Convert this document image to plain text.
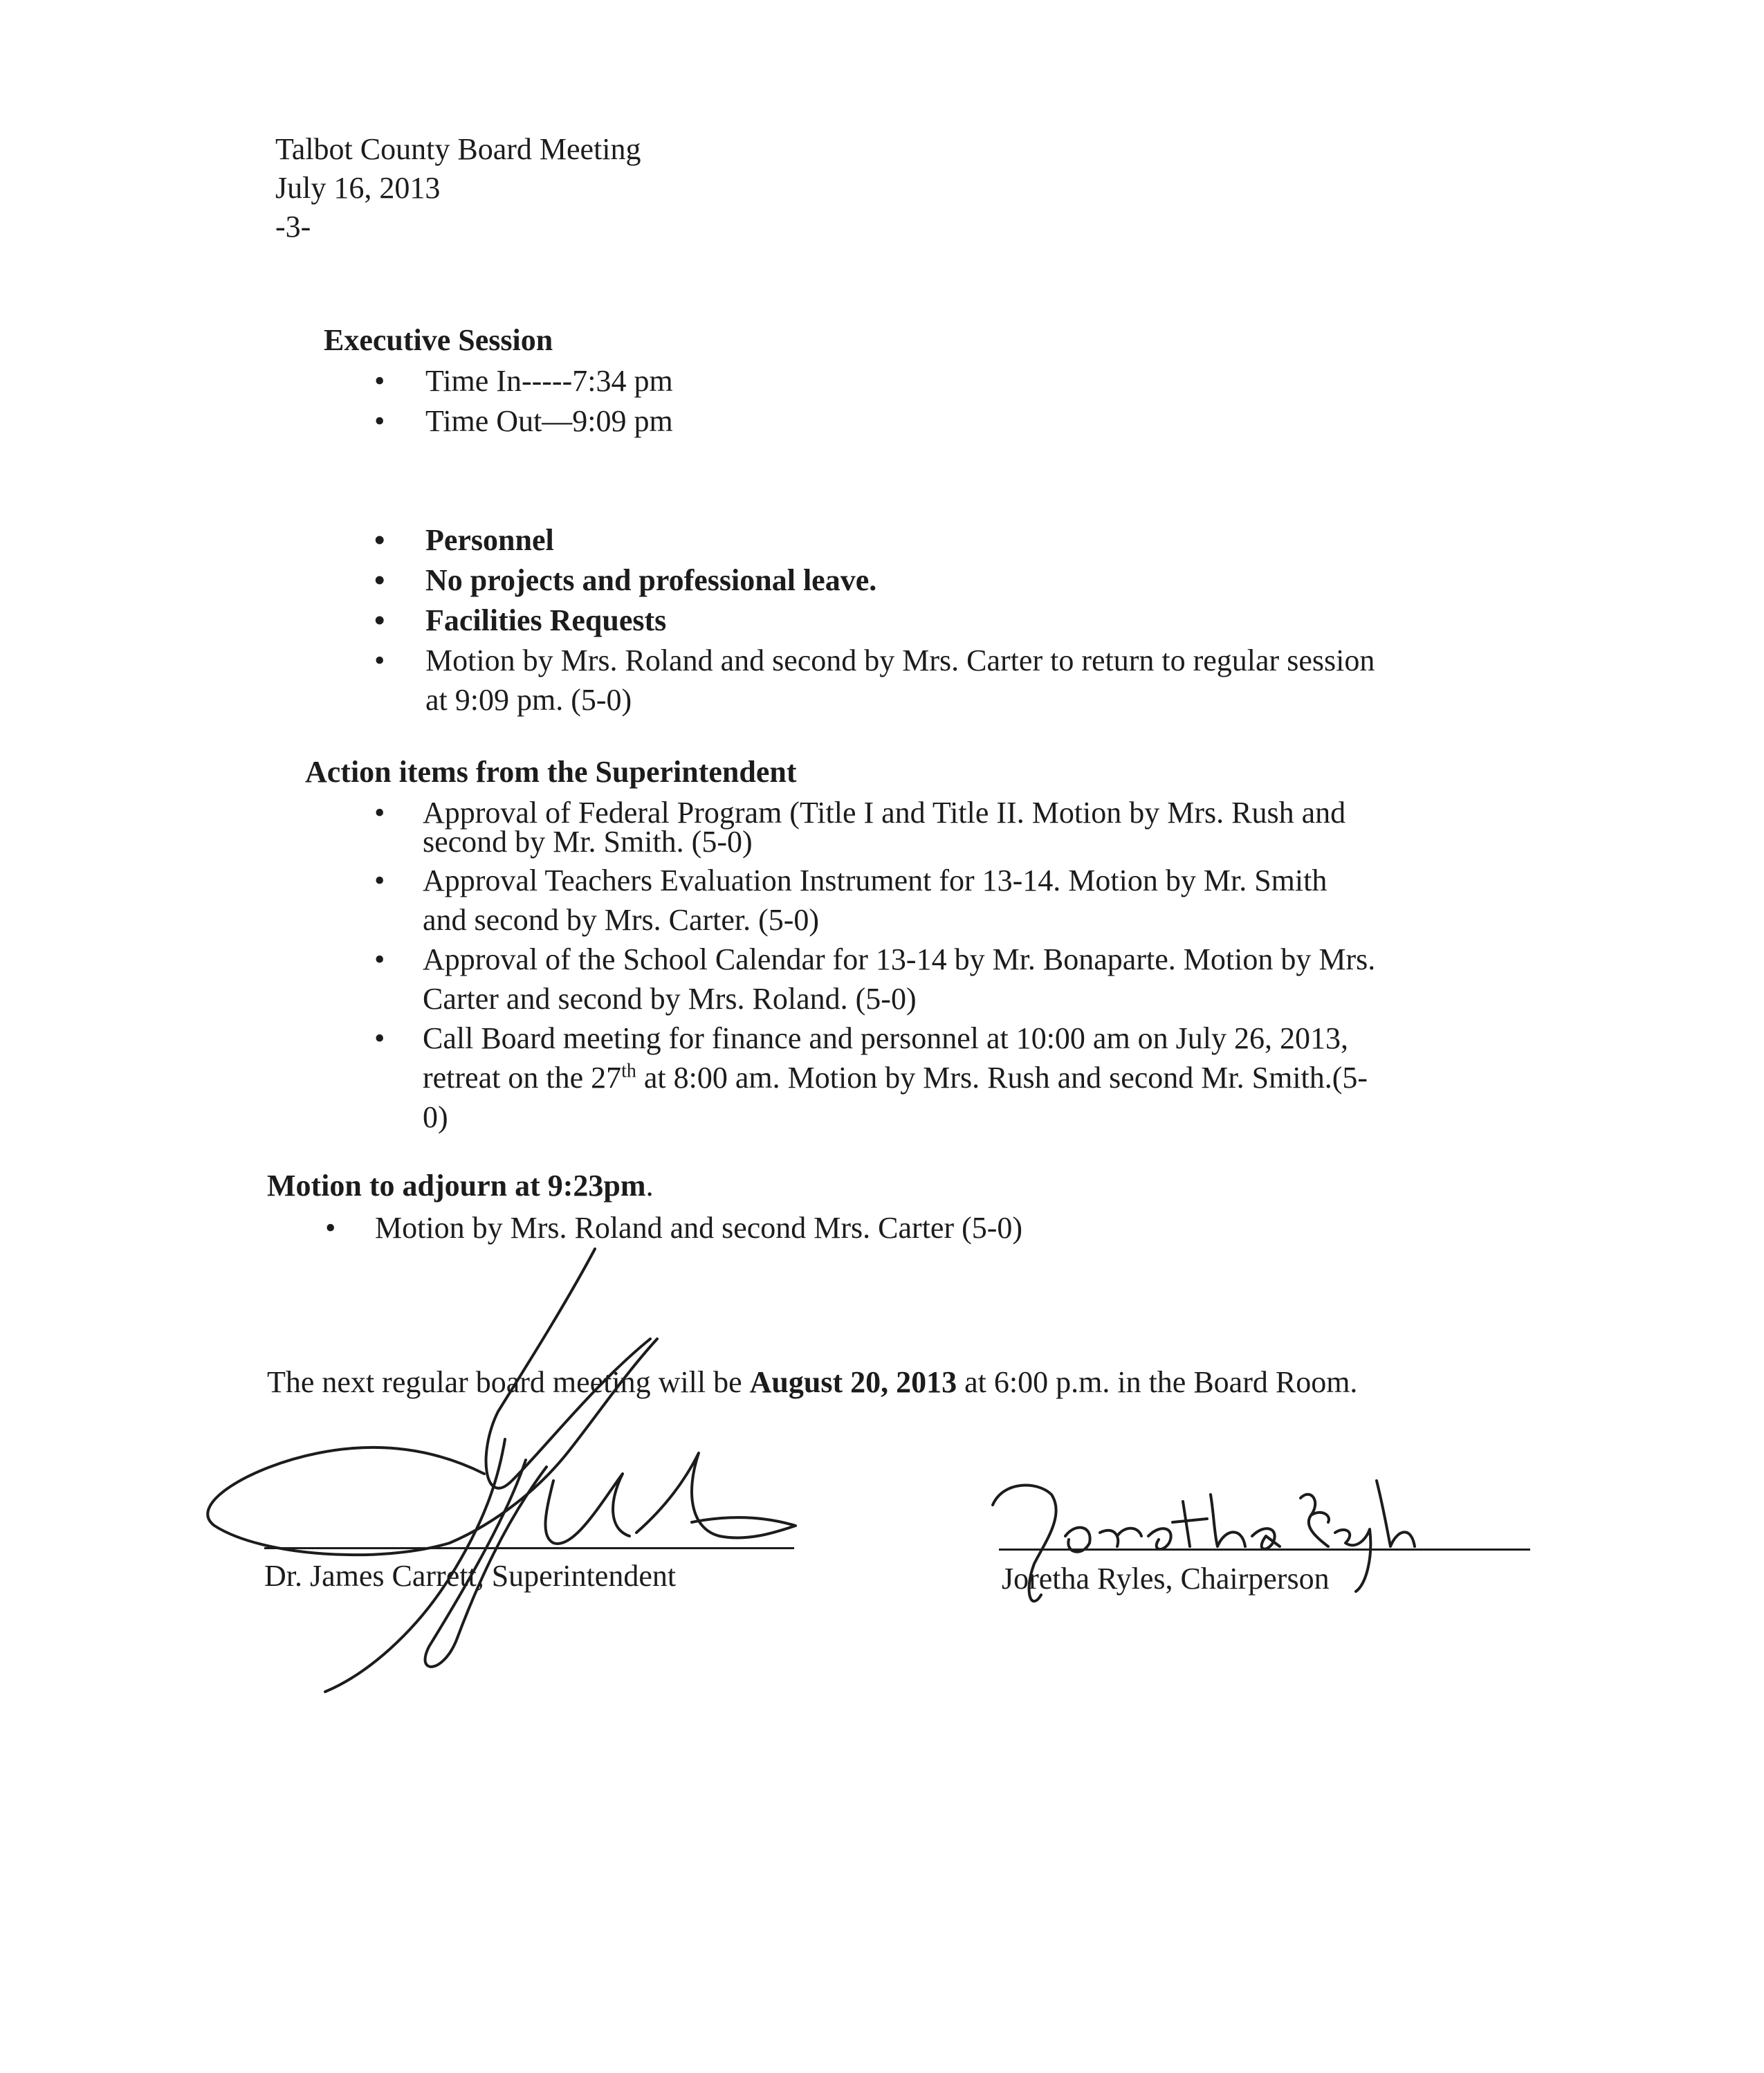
Talbot County Board Meeting
July 16, 2013
-3-
Executive Session
• Time In-----7:34 pm
• Time Out—9:09 pm
• Personnel
• No projects and professional leave.
• Facilities Requests
• Motion by Mrs. Roland and second by Mrs. Carter to return to regular session
at 9:09 pm. (5-0)
Action items from the Superintendent
• Approval of Federal Program (Title I and Title II. Motion by Mrs. Rush and
second by Mr. Smith. (5-0)
• Approval Teachers Evaluation Instrument for 13-14. Motion by Mr. Smith
and second by Mrs. Carter. (5-0)
• Approval of the School Calendar for 13-14 by Mr. Bonaparte. Motion by Mrs.
Carter and second by Mrs. Roland. (5-0)
• Call Board meeting for finance and personnel at 10:00 am on July 26, 2013,
retreat on the 27th at 8:00 am. Motion by Mrs. Rush and second Mr. Smith.(5-
0)
Motion to adjourn at 9:23pm.
• Motion by Mrs. Roland and second Mrs. Carter (5-0)
The next regular board meeting will be August 20, 2013 at 6:00 p.m. in the Board Room.
Dr. James Carrett, Superintendent	Joretha Ryles, Chairperson
